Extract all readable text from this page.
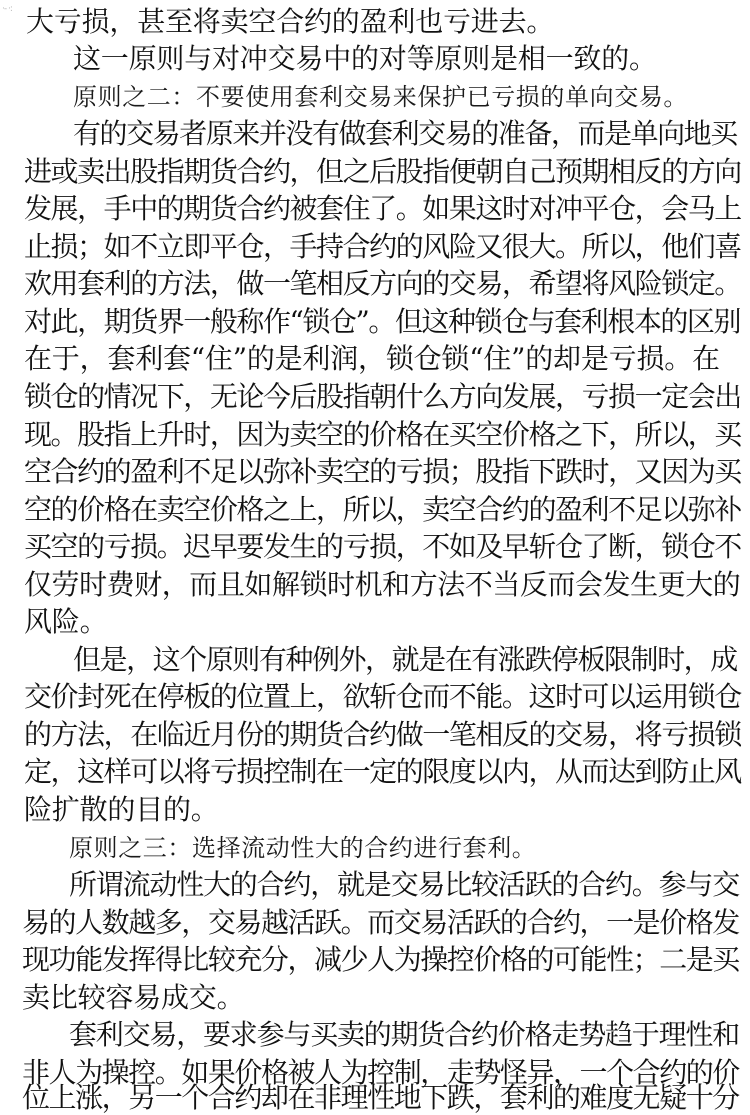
·‐ ·: 大亏损，甚至将卖空合约的盈利也亏进去。
这一原则与对冲交易中的对等原则是相一致的。
原则之二：不要使用套利交易来保护已亏损的单向交易。
有的交易者原来并没有做套利交易的准备，而是单向地买
进或卖出股指期货合约，但之后股指便朝自己预期相反的方向
发展，手中的期货合约被套住了。如果这时对冲平仓，会马上
止损；如不立即平仓，手持合约的风险又很大。所以，他们喜
欢用套利的方法，做一笔相反方向的交易，希望将风险锁定。
对此，期货界一般称作“锁仓”。但这种锁仓与套利根本的区别
在于，套利套“住”的是利润，锁仓锁“住”的却是亏损。在
锁仓的情况下，无论今后股指朝什么方向发展，亏损一定会出
现。股指上升时，因为卖空的价格在买空价格之下，所以，买
空合约的盈利不足以弥补卖空的亏损；股指下跌时，又因为买
空的价格在卖空价格之上，所以，卖空合约的盈利不足以弥补
买空的亏损。迟早要发生的亏损，不如及早斩仓了断，锁仓不
仅劳时费财，而且如解锁时机和方法不当反而会发生更大的
风险。
但是，这个原则有种例外，就是在有涨跌停板限制时，成
交价封死在停板的位置上，欲斩仓而不能。这时可以运用锁仓
的方法，在临近月份的期货合约做一笔相反的交易，将亏损锁
定，这样可以将亏损控制在一定的限度以内，从而达到防止风
险扩散的目的。
原则之三：选择流动性大的合约进行套利。
所谓流动性大的合约，就是交易比较活跃的合约。参与交
易的人数越多，交易越活跃。而交易活跃的合约，一是价格发
现功能发挥得比较充分，减少人为操控价格的可能性；二是买
卖比较容易成交。
套利交易，要求参与买卖的期货合约价格走势趋于理性和
非人为操控。如果价格被人为控制，走势怪异，一个合约的价
位上涨，另一个合约却在非理性地下跌，套利的难度无疑十分
